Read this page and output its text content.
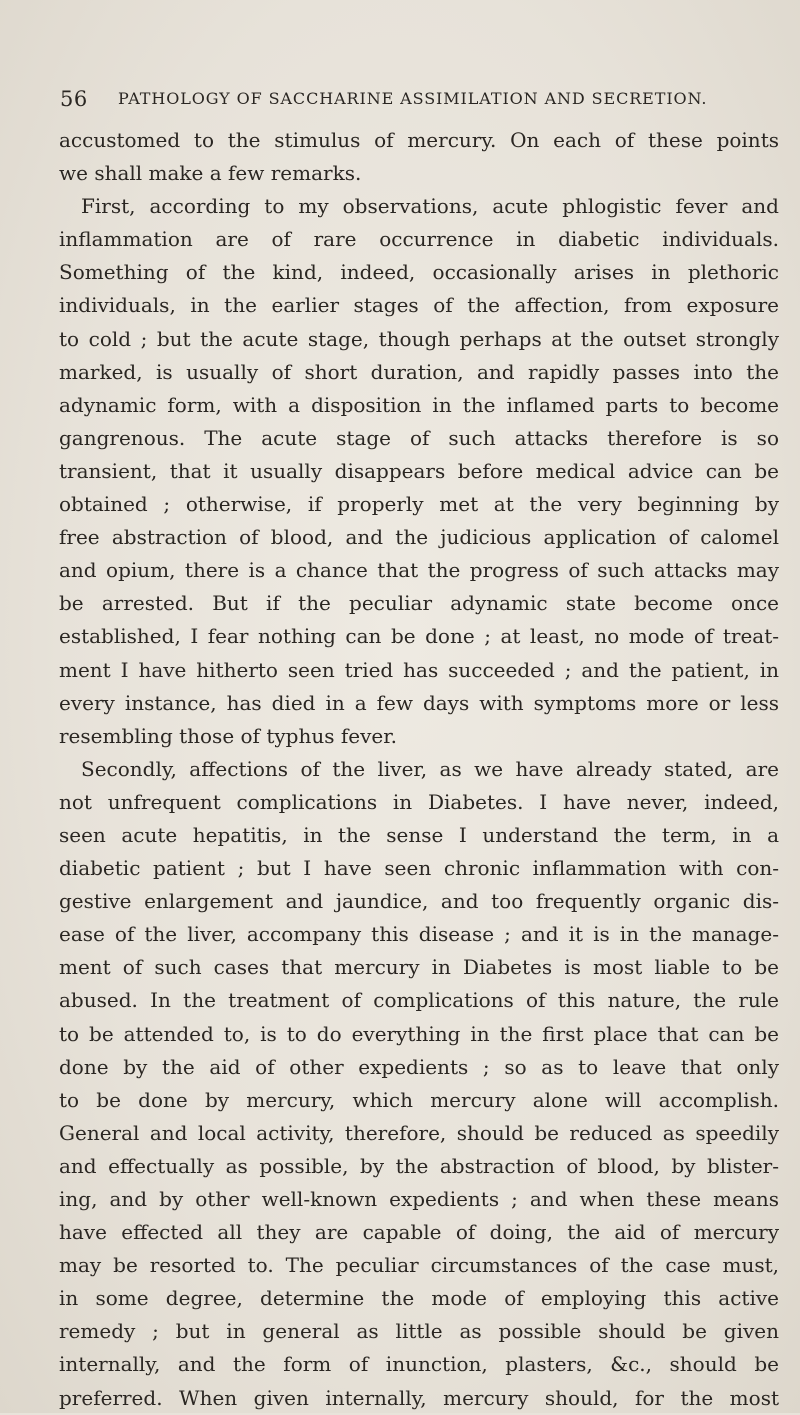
56 PATHOLOGY OF SACCHARINE ASSIMILATION AND SECRETION.
accustomed to the stimulus of mercury. On each of these points
we shall make a few remarks.
First, according to my observations, acute phlogistic fever and
inflammation are of rare occurrence in diabetic individuals.
Something of the kind, indeed, occasionally arises in plethoric
individuals, in the earlier stages of the affection, from exposure
to cold ; but the acute stage, though perhaps at the outset strongly
marked, is usually of short duration, and rapidly passes into the
adynamic form, with a disposition in the inflamed parts to become
gangrenous. The acute stage of such attacks therefore is so
transient, that it usually disappears before medical advice can be
obtained ; otherwise, if properly met at the very beginning by
free abstraction of blood, and the judicious application of calomel
and opium, there is a chance that the progress of such attacks may
be arrested. But if the peculiar adynamic state become once
established, I fear nothing can be done ; at least, no mode of treat-
ment I have hitherto seen tried has succeeded ; and the patient, in
every instance, has died in a few days with symptoms more or less
resembling those of typhus fever.
Secondly, affections of the liver, as we have already stated, are
not unfrequent complications in Diabetes. I have never, indeed,
seen acute hepatitis, in the sense I understand the term, in a
diabetic patient ; but I have seen chronic inflammation with con-
gestive enlargement and jaundice, and too frequently organic dis-
ease of the liver, accompany this disease ; and it is in the manage-
ment of such cases that mercury in Diabetes is most liable to be
abused. In the treatment of complications of this nature, the rule
to be attended to, is to do everything in the first place that can be
done by the aid of other expedients ; so as to leave that only
to be done by mercury, which mercury alone will accomplish.
General and local activity, therefore, should be reduced as speedily
and effectually as possible, by the abstraction of blood, by blister-
ing, and by other well-known expedients ; and when these means
have effected all they are capable of doing, the aid of mercury
may be resorted to. The peculiar circumstances of the case must,
in some degree, determine the mode of employing this active
remedy ; but in general as little as possible should be given
internally, and the form of inunction, plasters, &c., should be
preferred. When given internally, mercury should, for the most
